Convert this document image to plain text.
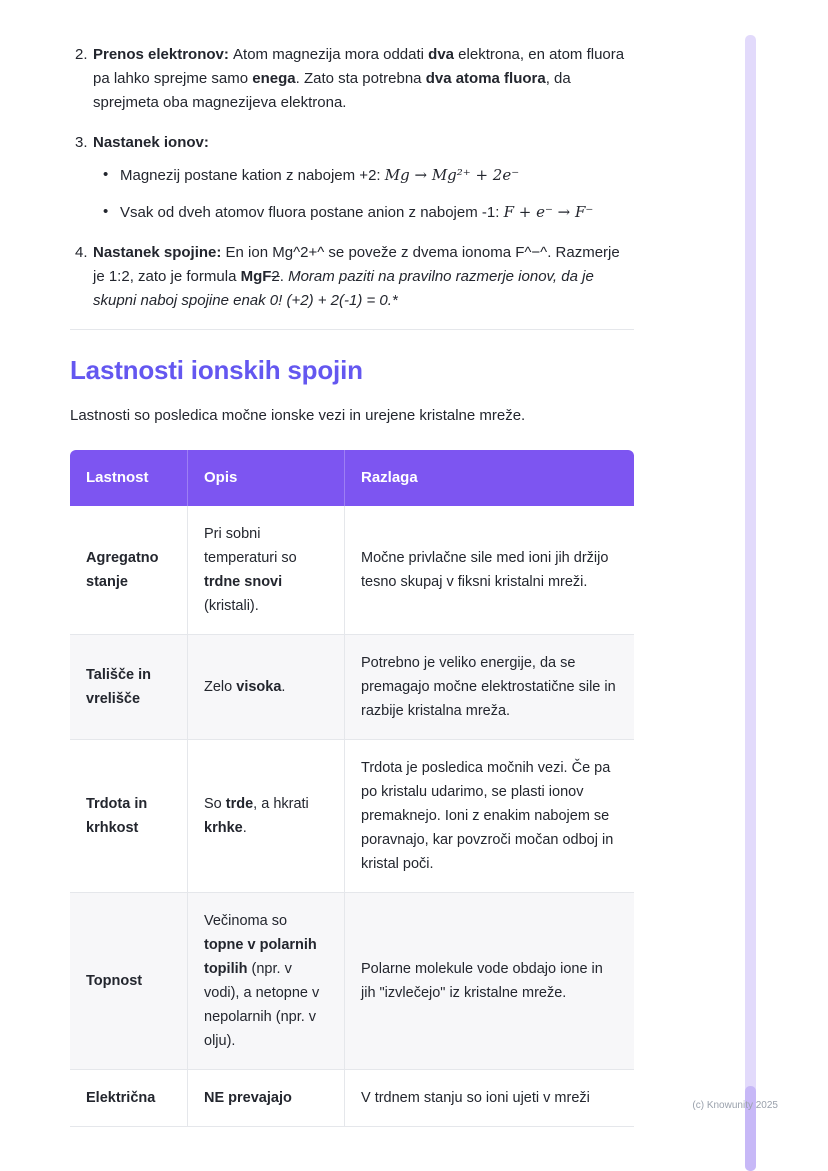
2. Prenos elektronov: Atom magnezija mora oddati dva elektrona, en atom fluora pa lahko sprejme samo enega. Zato sta potrebna dva atoma fluora, da sprejmeta oba magnezijeva elektrona.

3. Nastanek ionov:

• Magnezij postane kation z nabojem +2: Mg → Mg²⁺ + 2e⁻

• Vsak od dveh atomov fluora postane anion z nabojem -1: F + e⁻ → F⁻

4. Nastanek spojine: En ion Mg^2+^ se poveže z dvema ionoma F^−^. Razmerje je 1:2, zato je formula MgF2. Moram paziti na pravilno razmerje ionov, da je skupni naboj spojine enak 0! (+2) + 2(-1) = 0.*

Lastnosti ionskih spojin

Lastnosti so posledica močne ionske vezi in urejene kristalne mreže.

Lastnost	Opis	Razlaga
Agregatno stanje	Pri sobni temperaturi so trdne snovi (kristali).	Močne privlačne sile med ioni jih držijo tesno skupaj v fiksni kristalni mreži.
Tališče in vrelišče	Zelo visoka.	Potrebno je veliko energije, da se premagajo močne elektrostatične sile in razbije kristalna mreža.
Trdota in krhkost	So trde, a hkrati krhke.	Trdota je posledica močnih vezi. Če pa po kristalu udarimo, se plasti ionov premaknejo. Ioni z enakim nabojem se poravnajo, kar povzroči močan odboj in kristal poči.
Topnost	Večinoma so topne v polarnih topilih (npr. v vodi), a netopne v nepolarnih (npr. v olju).	Polarne molekule vode obdajo ione in jih "izvlečejo" iz kristalne mreže.
Električna	NE prevajajo	V trdnem stanju so ioni ujeti v mreži	(c) Knowunity 2025
